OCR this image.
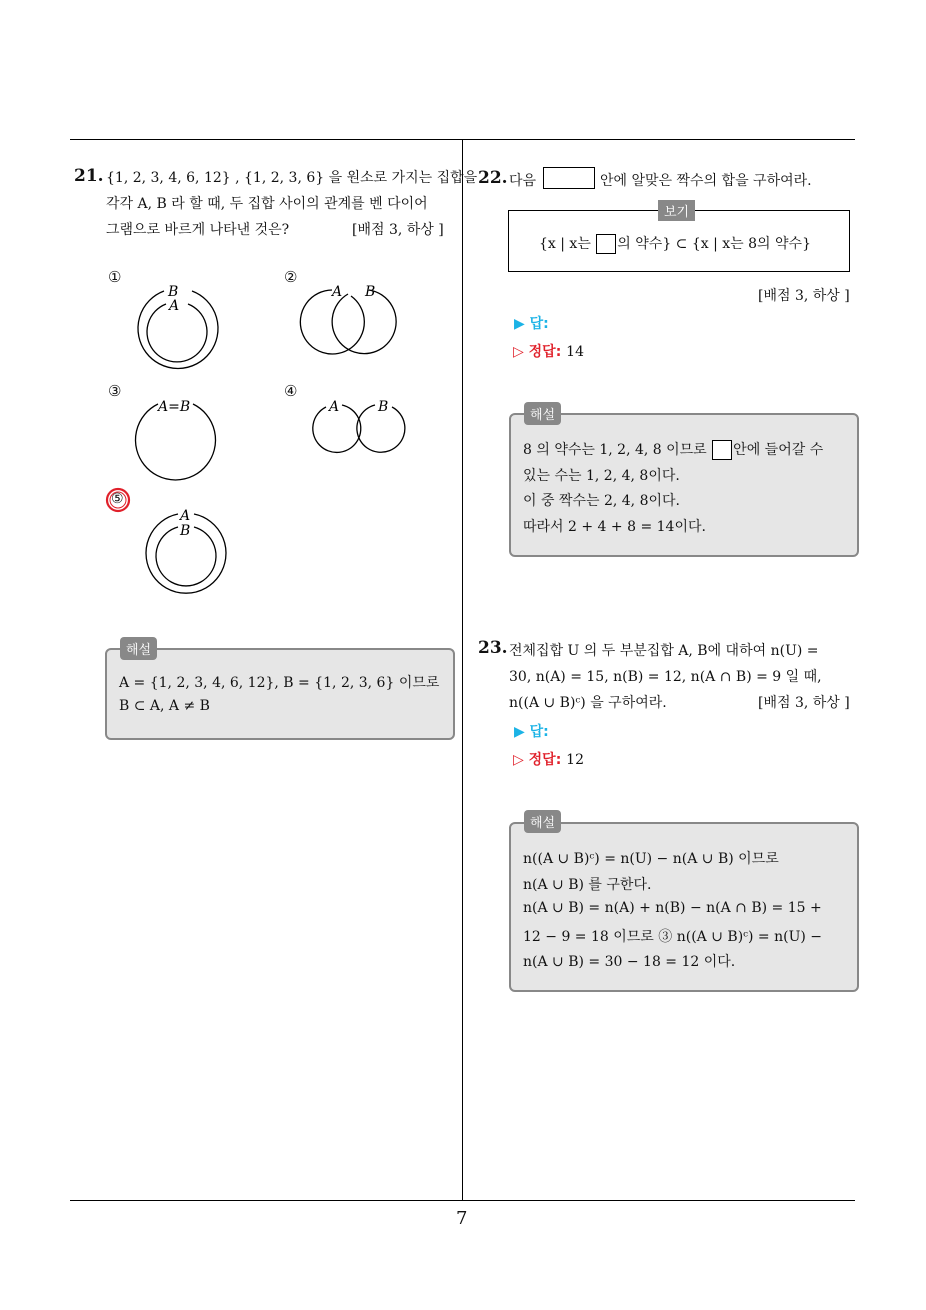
7
21. {1, 2, 3, 4, 6, 12} , {1, 2, 3, 6} 을 원소로 가지는 집합을
각각 A, B 라 할 때, 두 집합 사이의 관계를 벤 다이어
그램으로 바르게 나타낸 것은?	[배점 3, 하상 ]
①
B
A
②
A B
③
A=B
④
A	B
A
B
⑤
A = {1, 2, 3, 4, 6, 12}, B = {1, 2, 3, 6} 이므로
B ⊂ A, A ≠ B
해설
22. 다음	안에 알맞은 짝수의 합을 구하여라.
{x | x는 의 약수} ⊂ {x | x는 8의 약수}
보기
[배점 3, 하상 ]
▶ 답:
▷ 정답: 14
8 의 약수는 1, 2, 4, 8 이므로 안에 들어갈 수
있는 수는 1, 2, 4, 8이다.
이 중 짝수는 2, 4, 8이다.
따라서 2 + 4 + 8 = 14이다.
해설
23. 전체집합 U 의 두 부분집합 A, B에 대하여 n(U) =
30, n(A) = 15, n(B) = 12, n(A ∩ B) = 9 일 때,
n((A ∪ B)ᶜ) 을 구하여라.	[배점 3, 하상 ]
▶ 답:
▷ 정답: 12
n((A ∪ B)ᶜ) = n(U) − n(A ∪ B) 이므로
n(A ∪ B) 를 구한다.
n(A ∪ B) = n(A) + n(B) − n(A ∩ B) = 15 +
12 − 9 = 18 이므로 ③ n((A ∪ B)ᶜ) = n(U) −
n(A ∪ B) = 30 − 18 = 12 이다.
해설
